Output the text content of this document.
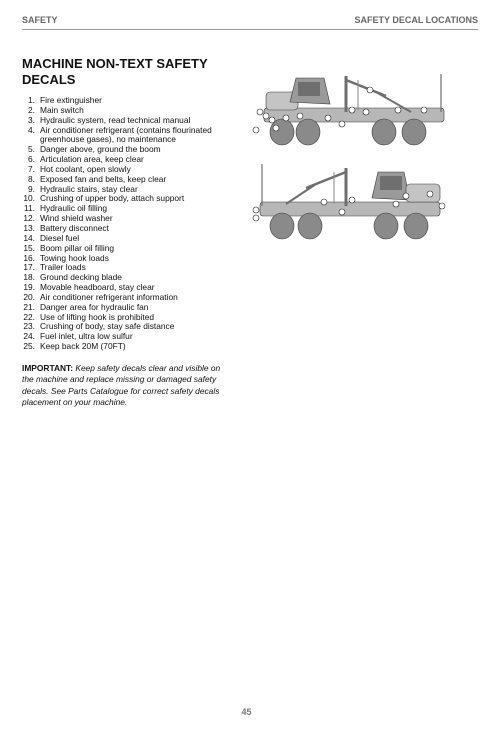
SAFETY	SAFETY DECAL LOCATIONS
MACHINE NON-TEXT SAFETY DECALS
1. Fire extinguisher
2. Main switch
3. Hydraulic system, read technical manual
4. Air conditioner refrigerant (contains flourinated greenhouse gases), no maintenance
5. Danger above, ground the boom
6. Articulation area, keep clear
7. Hot coolant, open slowly
8. Exposed fan and belts, keep clear
9. Hydraulic stairs, stay clear
10. Crushing of upper body, attach support
11. Hydraulic oil filling
12. Wind shield washer
13. Battery disconnect
14. Diesel fuel
15. Boom pillar oil filling
16. Towing hook loads
17. Trailer loads
18. Ground decking blade
19. Movable headboard, stay clear
20. Air conditioner refrigerant information
21. Danger area for hydraulic fan
22. Use of lifting hook is prohibited
23. Crushing of body, stay safe distance
24. Fuel inlet, ultra low sulfur
25. Keep back 20M (70FT)
IMPORTANT: Keep safety decals clear and visible on the machine and replace missing or damaged safety decals. See Parts Catalogue for correct safety decals placement on your machine.
45
